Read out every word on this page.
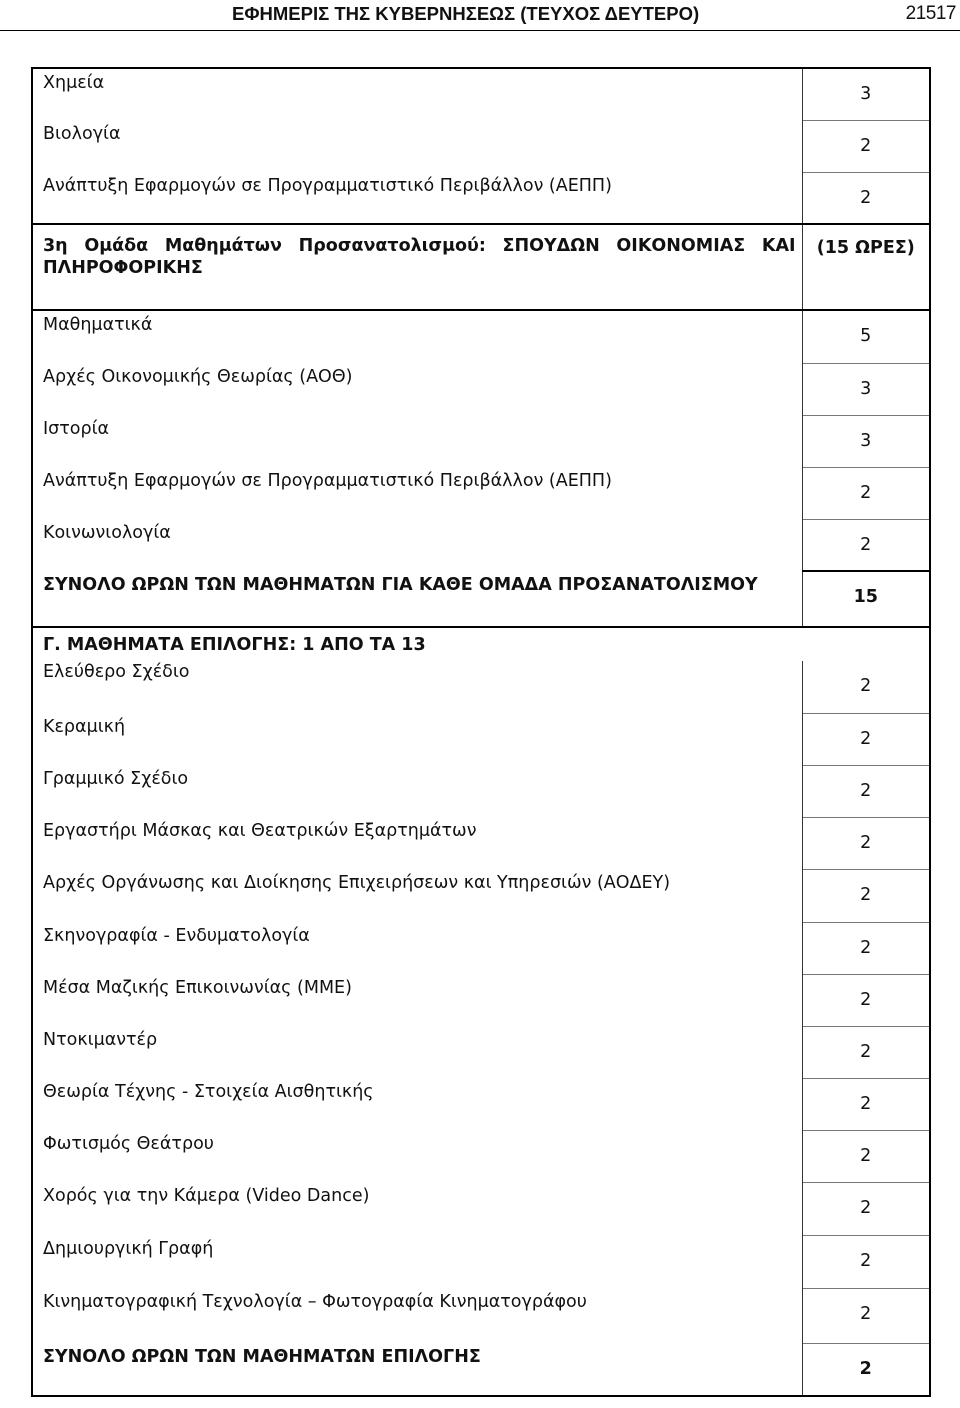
ΕΦΗΜΕΡΙΣ ΤΗΣ ΚΥΒΕΡΝΗΣΕΩΣ (ΤΕΥΧΟΣ ΔΕΥΤΕΡΟ)	21517
Χημεία	3
Βιολογία	2
Ανάπτυξη Εφαρμογών σε Προγραμματιστικό Περιβάλλον (ΑΕΠΠ)	2
3η Ομάδα Μαθημάτων Προσανατολισμού: ΣΠΟΥΔΩΝ ΟΙΚΟΝΟΜΙΑΣ ΚΑΙ ΠΛΗΡΟΦΟΡΙΚΗΣ	(15 ΩΡΕΣ)
Μαθηματικά	5
Αρχές Οικονομικής Θεωρίας (ΑΟΘ)	3
Ιστορία	3
Ανάπτυξη Εφαρμογών σε Προγραμματιστικό Περιβάλλον (ΑΕΠΠ)	2
Κοινωνιολογία	2
ΣΥΝΟΛΟ ΩΡΩΝ ΤΩΝ ΜΑΘΗΜΑΤΩΝ ΓΙΑ ΚΑΘΕ ΟΜΑΔΑ ΠΡΟΣΑΝΑΤΟΛΙΣΜΟΥ	15
Γ. ΜΑΘΗΜΑΤΑ ΕΠΙΛΟΓΗΣ: 1 ΑΠΟ ΤΑ 13	
Ελεύθερο Σχέδιο	2
Κεραμική	2
Γραμμικό Σχέδιο	2
Εργαστήρι Μάσκας και Θεατρικών Εξαρτημάτων	2
Αρχές Οργάνωσης και Διοίκησης Επιχειρήσεων και Υπηρεσιών (ΑΟΔΕΥ)	2
Σκηνογραφία - Ενδυματολογία	2
Μέσα Μαζικής Επικοινωνίας (ΜΜΕ)	2
Ντοκιμαντέρ	2
Θεωρία Τέχνης - Στοιχεία Αισθητικής	2
Φωτισμός Θεάτρου	2
Χορός για την Κάμερα (Video Dance)	2
Δημιουργική Γραφή	2
Κινηματογραφική Τεχνολογία – Φωτογραφία Κινηματογράφου	2
ΣΥΝΟΛΟ ΩΡΩΝ ΤΩΝ ΜΑΘΗΜΑΤΩΝ ΕΠΙΛΟΓΗΣ	2
